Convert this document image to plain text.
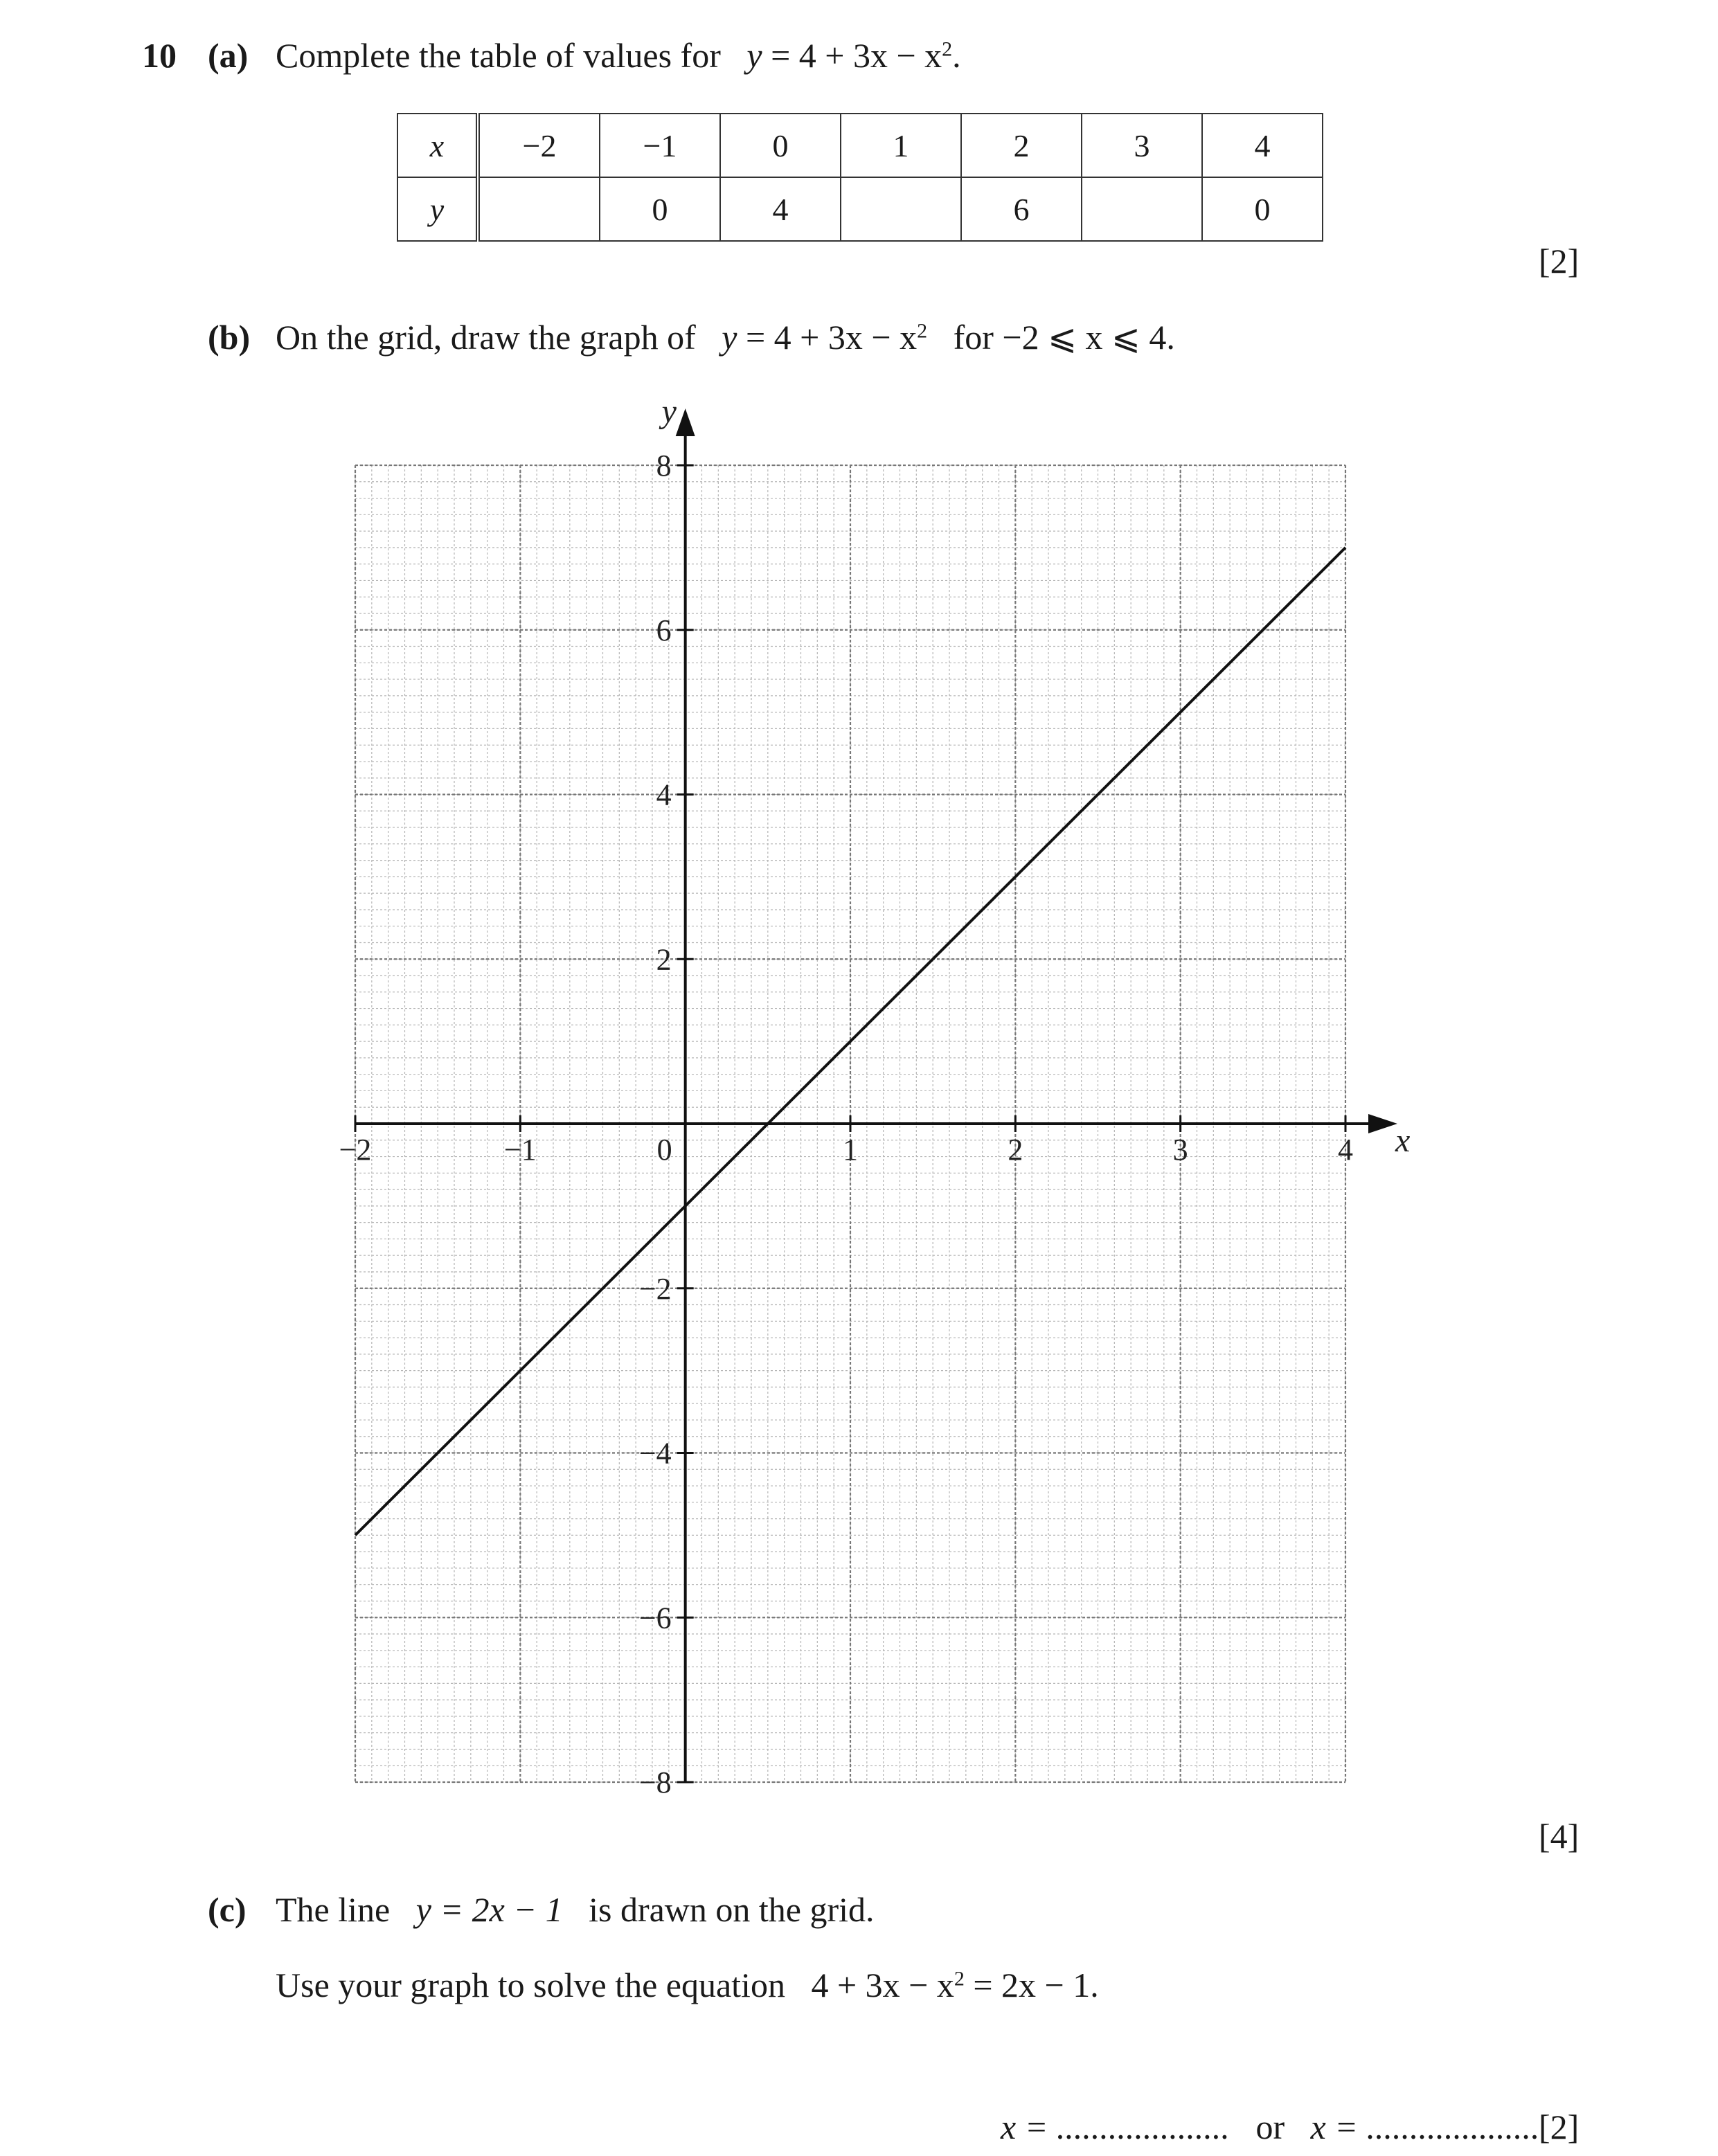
10 (a) Complete the table of values for $y = 4 + 3x - x^2$.
x	−2	−1	0	1	2	3	4
y		0	4		6		0
[2]
(b) On the grid, draw the graph of $y = 4 + 3x - x^2$ for −2 ⩽ x ⩽ 4.
−2	−1	0	1	2	3	4
−8
−6
−4
−2
2
4
6
8
x
y
[4]
(c) The line y = 2x − 1 is drawn on the grid.
Use your graph to solve the equation $4 + 3x - x^2 = 2x - 1$.
x = .................... or x = ....................
[2]
